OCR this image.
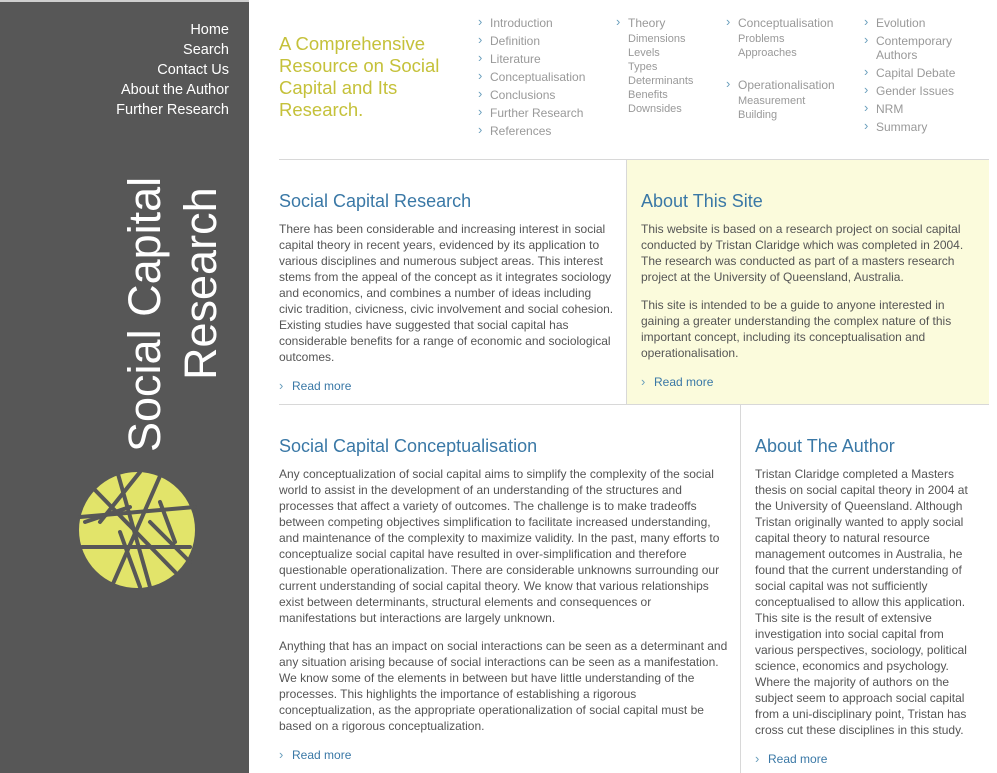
Home
Search
Contact Us
About the Author
Further Research
Social Capital Research
A Comprehensive Resource on Social Capital and Its Research.
› Introduction
› Definition
› Literature
› Conceptualisation
› Conclusions
› Further Research
› References
› Theory
Dimensions
Levels
Types
Determinants
Benefits
Downsides
› Conceptualisation
Problems
Approaches
› Operationalisation
Measurement
Building
› Evolution
› Contemporary Authors
› Capital Debate
› Gender Issues
› NRM
› Summary
Social Capital Research

There has been considerable and increasing interest in social capital theory in recent years, evidenced by its application to various disciplines and numerous subject areas. This interest stems from the appeal of the concept as it integrates sociology and economics, and combines a number of ideas including civic tradition, civicness, civic involvement and social cohesion. Existing studies have suggested that social capital has considerable benefits for a range of economic and sociological outcomes.

› Read more
About This Site

This website is based on a research project on social capital conducted by Tristan Claridge which was completed in 2004. The research was conducted as part of a masters research project at the University of Queensland, Australia.

This site is intended to be a guide to anyone interested in gaining a greater understanding the complex nature of this important concept, including its conceptualisation and operationalisation.

› Read more
Social Capital Conceptualisation

Any conceptualization of social capital aims to simplify the complexity of the social world to assist in the development of an understanding of the structures and processes that affect a variety of outcomes. The challenge is to make tradeoffs between competing objectives simplification to facilitate increased understanding, and maintenance of the complexity to maximize validity. In the past, many efforts to conceptualize social capital have resulted in over-simplification and therefore questionable operationalization. There are considerable unknowns surrounding our current understanding of social capital theory. We know that various relationships exist between determinants, structural elements and consequences or manifestations but interactions are largely unknown.

Anything that has an impact on social interactions can be seen as a determinant and any situation arising because of social interactions can be seen as a manifestation. We know some of the elements in between but have little understanding of the processes. This highlights the importance of establishing a rigorous conceptualization, as the appropriate operationalization of social capital must be based on a rigorous conceptualization.

› Read more
About The Author

Tristan Claridge completed a Masters thesis on social capital theory in 2004 at the University of Queensland. Although Tristan originally wanted to apply social capital theory to natural resource management outcomes in Australia, he found that the current understanding of social capital was not sufficiently conceptualised to allow this application. This site is the result of extensive investigation into social capital from various perspectives, sociology, political science, economics and psychology. Where the majority of authors on the subject seem to approach social capital from a uni-disciplinary point, Tristan has cross cut these disciplines in this study.

› Read more
